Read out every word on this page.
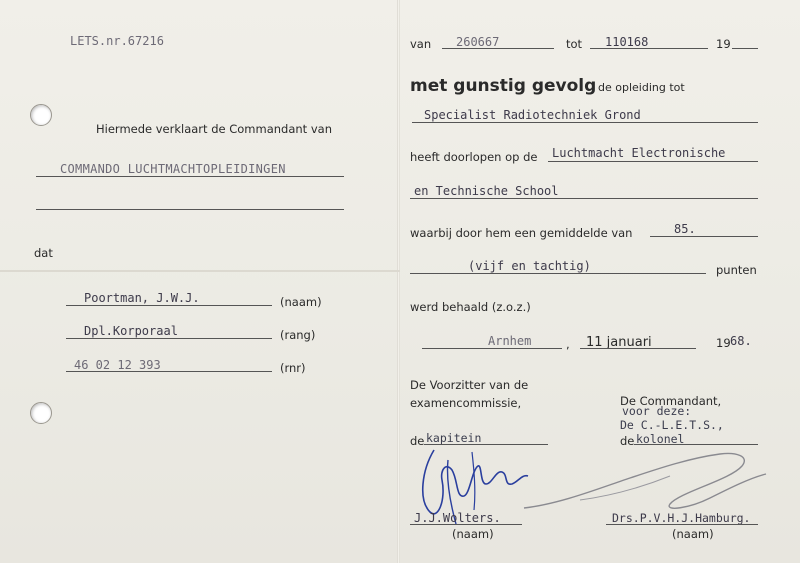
LETS.nr.67216
Hiermede verklaart de Commandant van
COMMANDO LUCHTMACHTOPLEIDINGEN
dat
Poortman, J.W.J.	(naam)
Dpl.Korporaal	(rang)
46 02 12 393	(rnr)
van 260667	tot 110168	19
met gunstig gevolg de opleiding tot
Specialist Radiotechniek Grond
heeft doorlopen op de Luchtmacht Electronische
en Technische School
waarbij door hem een gemiddelde van	85.
(vijf en tachtig)	punten
werd behaald (z.o.z.)
Arnhem	, 11 januari	19 68.
De Voorzitter van de
examencommissie,	De Commandant,
voor deze:
De C.-L.E.T.S.,
de kapitein	de kolonel
J.J.Wolters.
(naam)
Drs.P.V.H.J.Hamburg.
(naam)
